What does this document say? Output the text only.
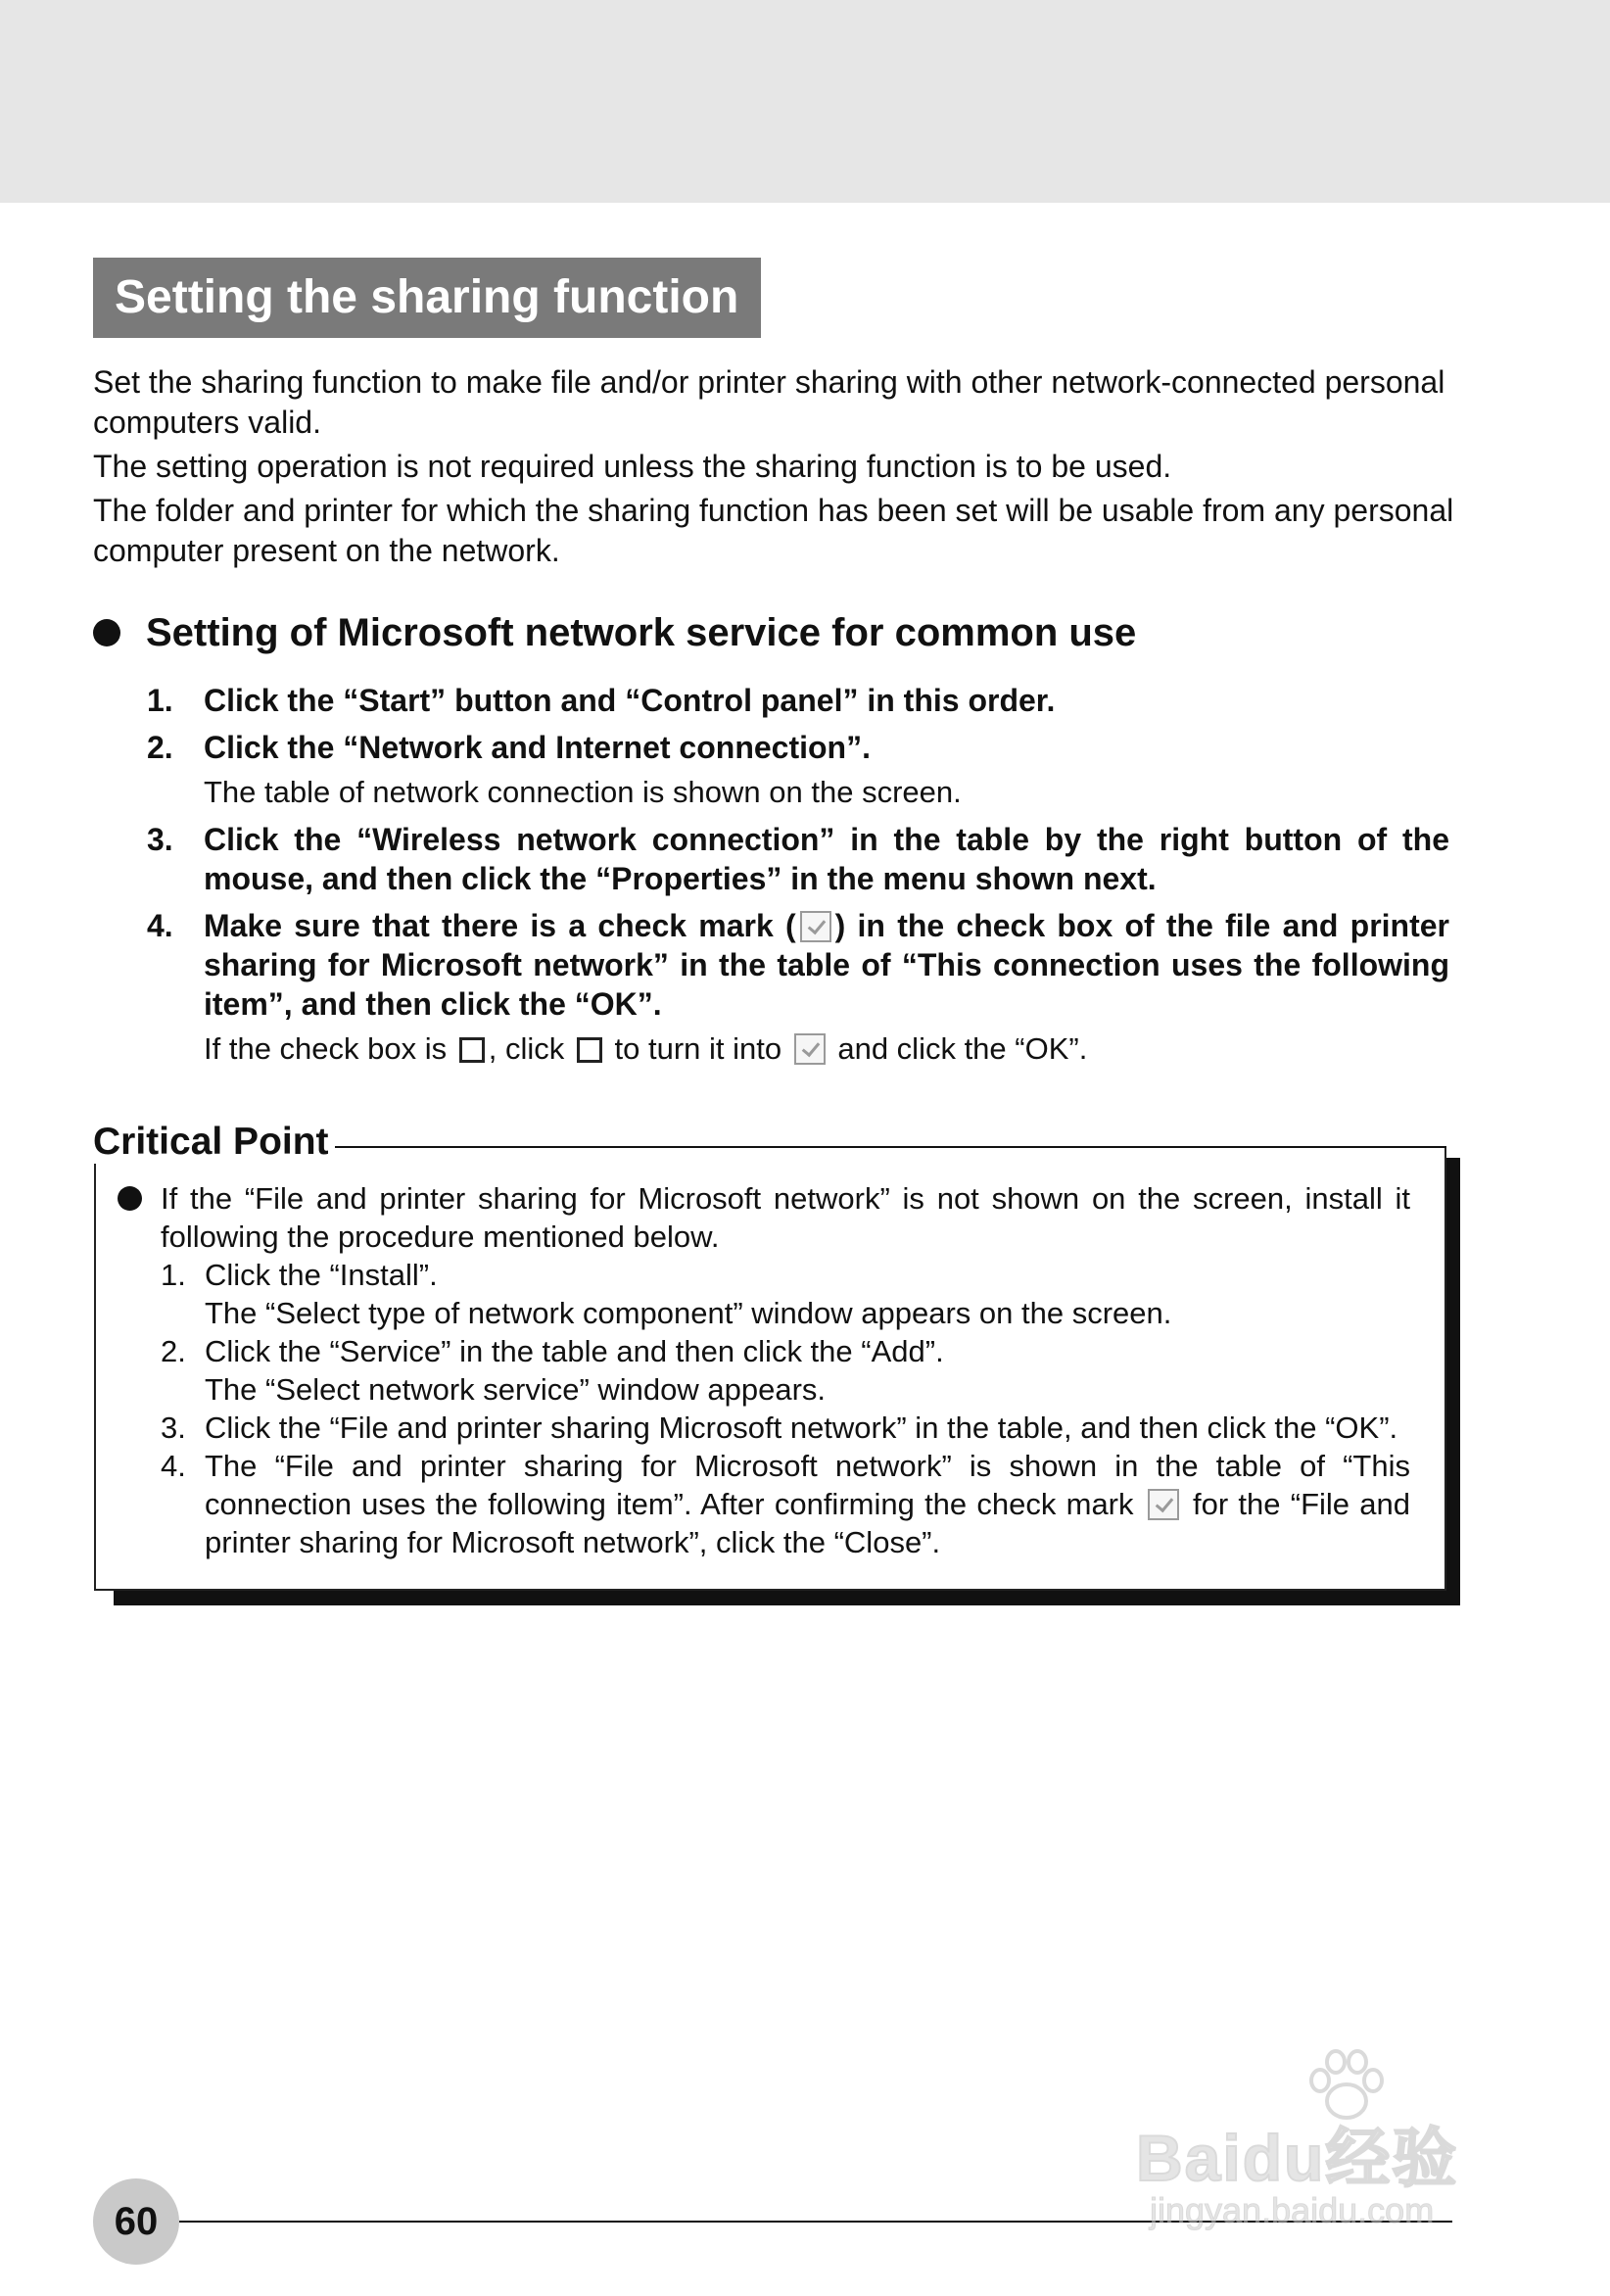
Setting the sharing function

Set the sharing function to make file and/or printer sharing with other network-connected personal computers valid.

The setting operation is not required unless the sharing function is to be used.

The folder and printer for which the sharing function has been set will be usable from any personal computer present on the network.

Setting of Microsoft network service for common use
1. Click the “Start” button and “Control panel” in this order.
2. Click the “Network and Internet connection”.
The table of network connection is shown on the screen.
3. Click the “Wireless network connection” in the table by the right button of the mouse, and then click the “Properties” in the menu shown next.
4. Make sure that there is a check mark ( ) in the check box of the file and printer sharing for Microsoft network” in the table of “This connection uses the following item”, and then click the “OK”.
If the check box is , click to turn it into and click the “OK”.
Critical Point
If the “File and printer sharing for Microsoft network” is not shown on the screen, install it following the procedure mentioned below.
1. Click the “Install”.
The “Select type of network component” window appears on the screen.
2. Click the “Service” in the table and then click the “Add”.
The “Select network service” window appears.
3. Click the “File and printer sharing Microsoft network” in the table, and then click the “OK”.
4. The “File and printer sharing for Microsoft network” is shown in the table of “This connection uses the following item”. After confirming the check mark for the “File and printer sharing for Microsoft network”, click the “Close”.
60
Baidu经验
jingyan.baidu.com
